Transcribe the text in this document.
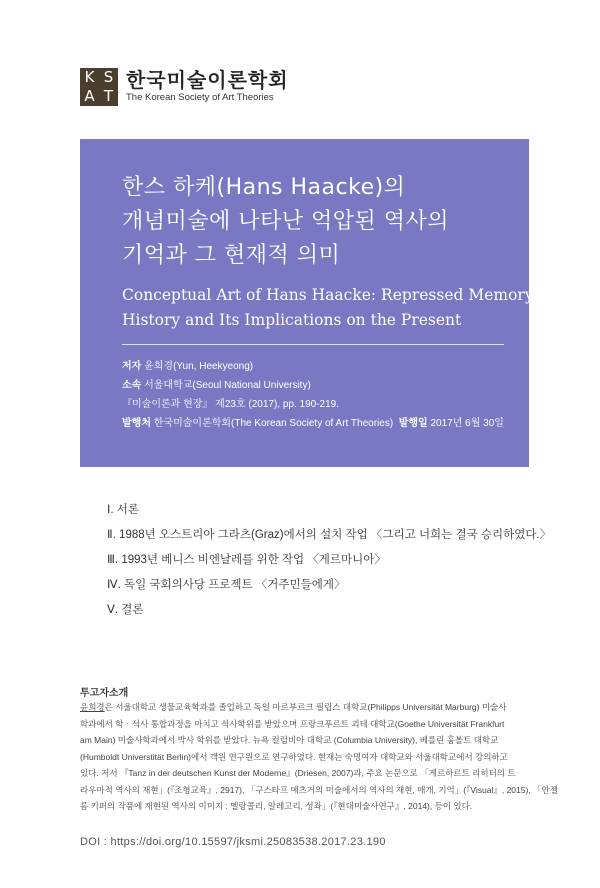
K S
A T
한국미술이론학회
The Korean Society of Art Theories
한스 하케(Hans Haacke)의
개념미술에 나타난 억압된 역사의
기억과 그 현재적 의미
Conceptual Art of Hans Haacke: Repressed Memory of
History and Its Implications on the Present
저자 윤희경(Yun, Heekyeong)
소속 서울대학교(Seoul National University)
『미술이론과 현장』 제23호 (2017), pp. 190-219.
발행처 한국미술이론학회(The Korean Society of Art Theories) 발행일 2017년 6월 30일
Ⅰ. 서론
Ⅱ. 1988년 오스트리아 그라츠(Graz)에서의 설치 작업 〈그리고 너희는 결국 승리하였다.〉
Ⅲ. 1993년 베니스 비엔날레를 위한 작업 〈게르마니아〉
Ⅳ. 독일 국회의사당 프로젝트 〈거주민들에게〉
Ⅴ. 결론
투고자소개
윤희경은 서울대학교 생물교육학과를 졸업하고 독일 마르부르크 필립스 대학교(Philipps Universität Marburg) 미술사
학과에서 학‧석사 통합과정을 마치고 석사학위를 받았으며 프랑크푸르트 괴테 대학교(Goethe Universität Frankfurt
am Main) 미술사학과에서 박사 학위를 받았다. 뉴욕 컬럼비아 대학교 (Columbia University), 베를린 훔볼트 대학교
(Humboldt Universtität Berlin)에서 객원 연구원으로 연구하였다. 현재는 숙명여자 대학교와 서울대학교에서 강의하고
있다. 저서 『Tanz in der deutschen Kunst der Moderne』(Driesen, 2007)과, 주요 논문으로 「게르하르트 리히터의 트
라우마적 역사의 재현」(『조형교육』, 2917), 「구스타프 메츠거의 미술에서의 역사의 재현, 매개, 기억」(『Visual』, 2015), 「안젤
름 키퍼의 작품에 재현된 역사의 이미지 : 멜랑콜리, 알레고리, 성좌」(『현대미술사연구』, 2014), 등이 있다.
DOI : https://doi.org/10.15597/jksmi.25083538.2017.23.190
